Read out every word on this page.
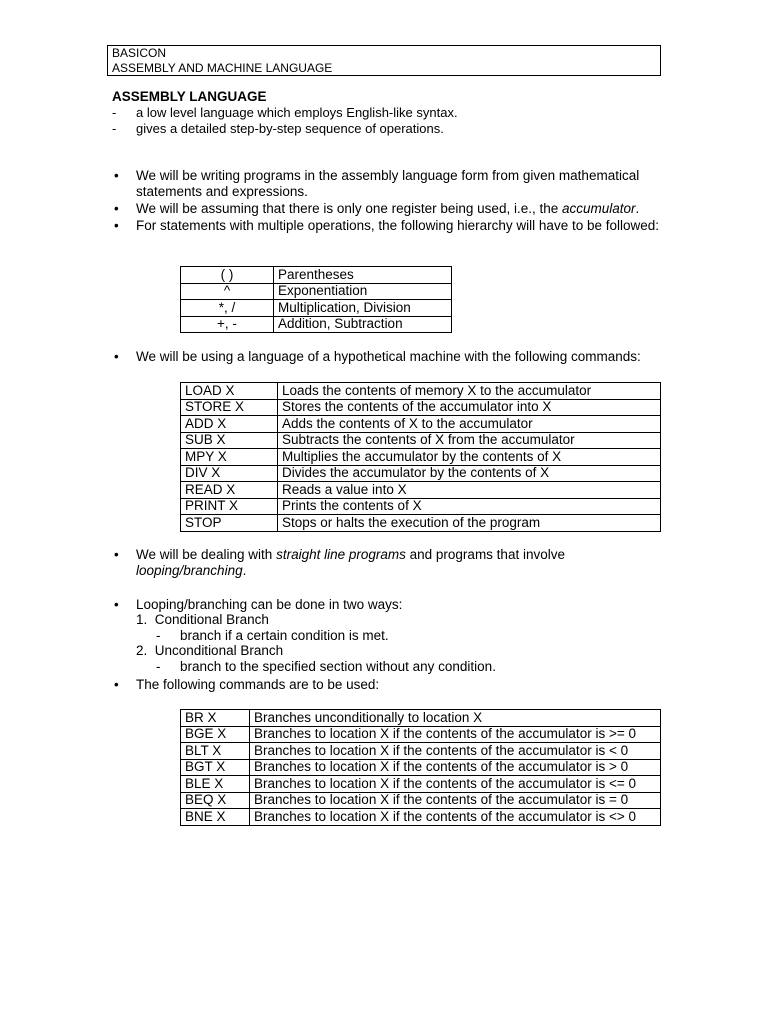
BASICON
ASSEMBLY AND MACHINE LANGUAGE
ASSEMBLY LANGUAGE
- a low level language which employs English-like syntax.
- gives a detailed step-by-step sequence of operations.
• We will be writing programs in the assembly language form from given mathematical statements and expressions.
• We will be assuming that there is only one register being used, i.e., the accumulator.
• For statements with multiple operations, the following hierarchy will have to be followed:
( )	Parentheses
^	Exponentiation
*, /	Multiplication, Division
+, -	Addition, Subtraction
• We will be using a language of a hypothetical machine with the following commands:
LOAD X	Loads the contents of memory X to the accumulator
STORE X	Stores the contents of the accumulator into X
ADD X	Adds the contents of X to the accumulator
SUB X	Subtracts the contents of X from the accumulator
MPY X	Multiplies the accumulator by the contents of X
DIV X	Divides the accumulator by the contents of X
READ X	Reads a value into X
PRINT X	Prints the contents of X
STOP	Stops or halts the execution of the program
• We will be dealing with straight line programs and programs that involve looping/branching.
• Looping/branching can be done in two ways:
1. Conditional Branch
- branch if a certain condition is met.
2. Unconditional Branch
- branch to the specified section without any condition.
• The following commands are to be used:
BR X	Branches unconditionally to location X
BGE X	Branches to location X if the contents of the accumulator is >= 0
BLT X	Branches to location X if the contents of the accumulator is < 0
BGT X	Branches to location X if the contents of the accumulator is > 0
BLE X	Branches to location X if the contents of the accumulator is <= 0
BEQ X	Branches to location X if the contents of the accumulator is = 0
BNE X	Branches to location X if the contents of the accumulator is <> 0
